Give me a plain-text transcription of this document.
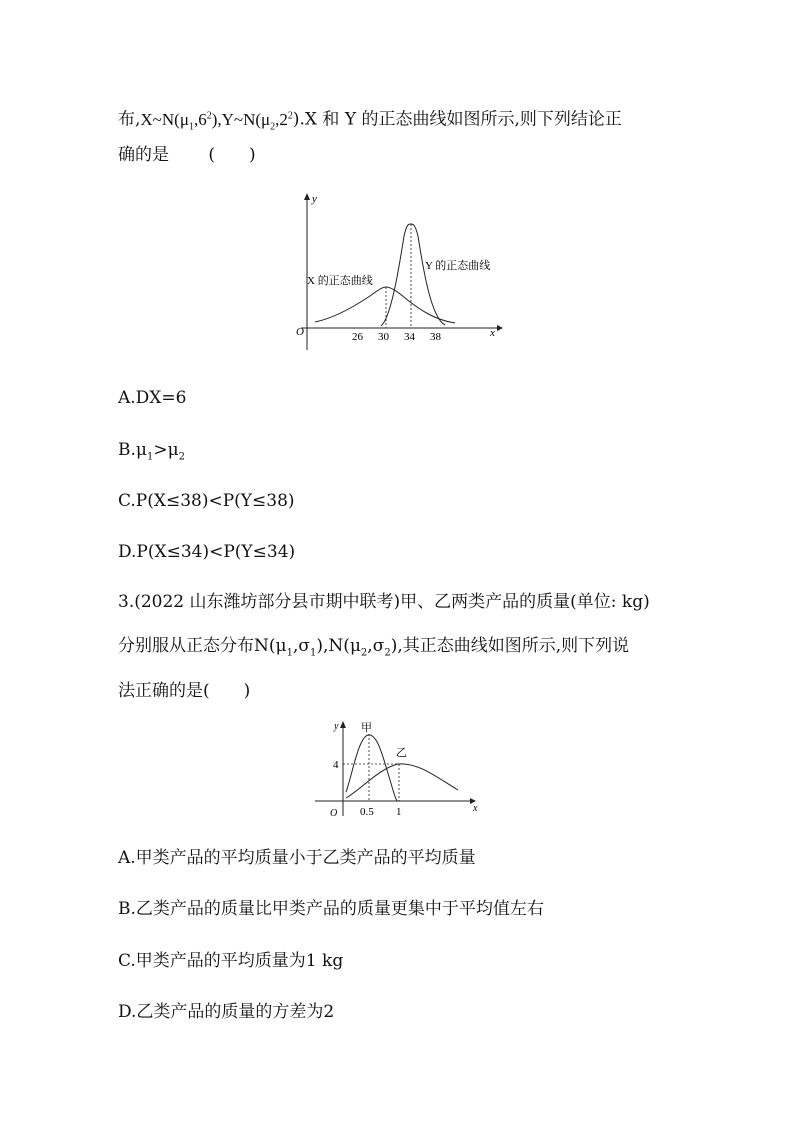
布$,X\sim N(\mu_1,6^2),Y\sim N(\mu_2,2^2).X$ 和 Y 的正态曲线如图所示,则下列结论正
确的是 　　(　　)
y
x
O	26 30 34 38
X 的正态曲线
Y 的正态曲线
A.DX=6
$B.\mu_1>\mu_2$
C.P(X≤38)<P(Y≤38)
D.P(X≤34)<P(Y≤34)
3.(2022 山东潍坊部分县市期中联考)甲、乙两类产品的质量(单位: kg)
分别服从正态分布$N(\mu_1,\sigma_1),N(\mu_2,\sigma_2)$,其正态曲线如图所示,则下列说
法正确的是(　　)
y
x
O
4
甲
乙
0.5 1
A.甲类产品的平均质量小于乙类产品的平均质量
B.乙类产品的质量比甲类产品的质量更集中于平均值左右
C.甲类产品的平均质量为1 kg
D.乙类产品的质量的方差为2
